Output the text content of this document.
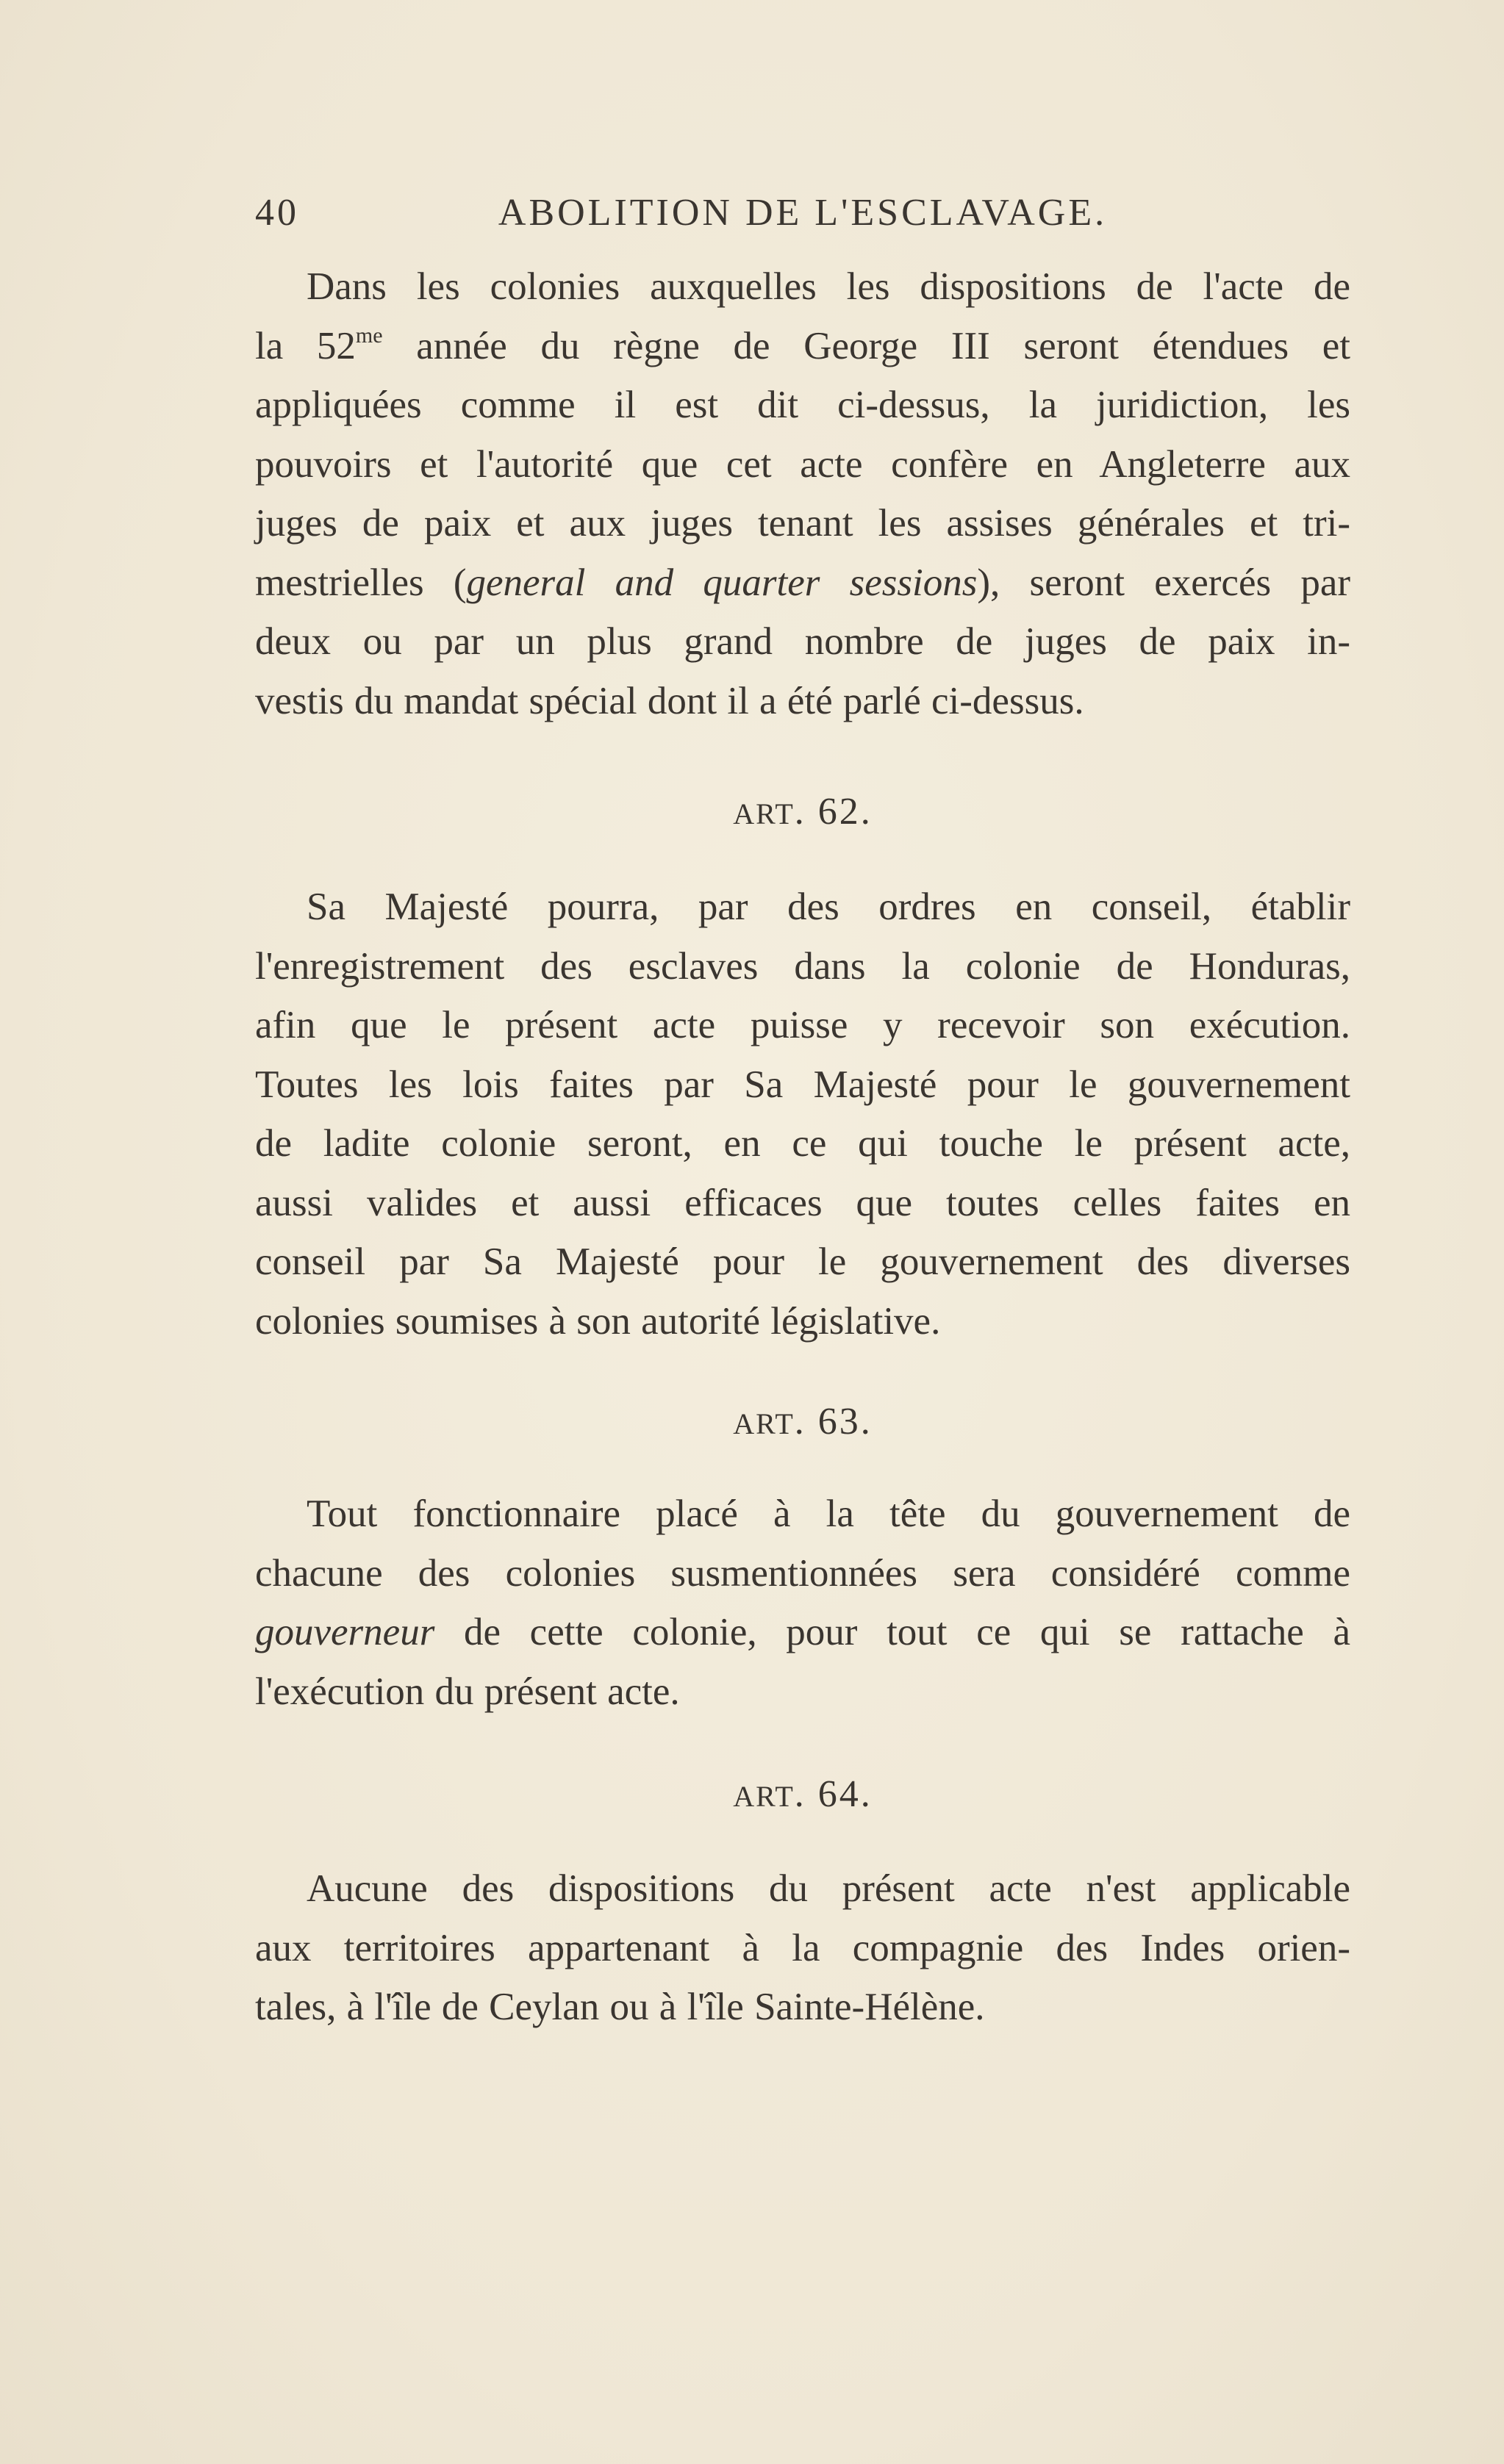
40	ABOLITION DE L'ESCLAVAGE.

Dans les colonies auxquelles les dispositions de l'acte de
la $52^{me}$ année du règne de George III seront étendues et
appliquées comme il est dit ci-dessus, la juridiction, les
pouvoirs et l'autorité que cet acte confère en Angleterre aux
juges de paix et aux juges tenant les assises générales et tri-
mestrielles (general and quarter sessions), seront exercés par
deux ou par un plus grand nombre de juges de paix in-
vestis du mandat spécial dont il a été parlé ci-dessus.

ART. 62.

Sa Majesté pourra, par des ordres en conseil, établir
l'enregistrement des esclaves dans la colonie de Honduras,
afin que le présent acte puisse y recevoir son exécution.
Toutes les lois faites par Sa Majesté pour le gouvernement
de ladite colonie seront, en ce qui touche le présent acte,
aussi valides et aussi efficaces que toutes celles faites en
conseil par Sa Majesté pour le gouvernement des diverses
colonies soumises à son autorité législative.

ART. 63.

Tout fonctionnaire placé à la tête du gouvernement de
chacune des colonies susmentionnées sera considéré comme
gouverneur de cette colonie, pour tout ce qui se rattache à
l'exécution du présent acte.

ART. 64.

Aucune des dispositions du présent acte n'est applicable
aux territoires appartenant à la compagnie des Indes orien-
tales, à l'île de Ceylan ou à l'île Sainte-Hélène.
